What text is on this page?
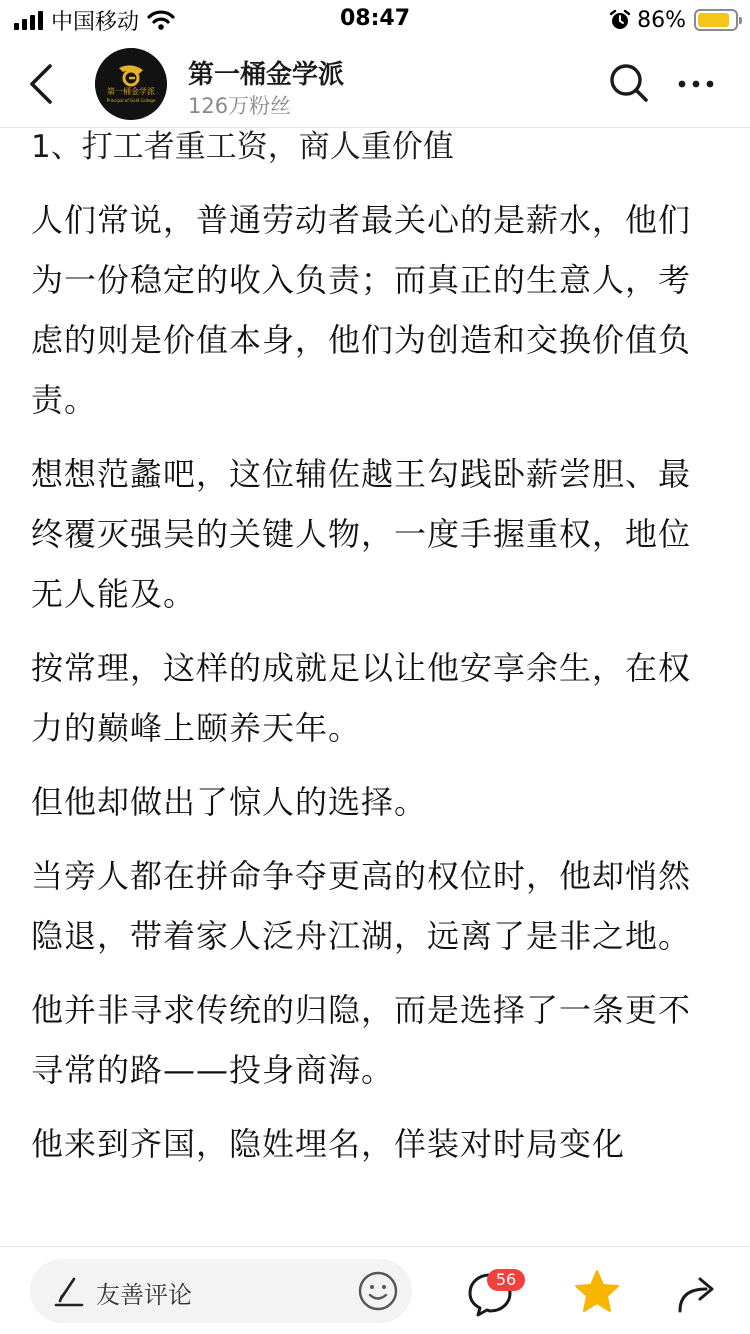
中国移动	08:47	86%
第一桶金学派
Principal of Gold College
第一桶金学派
126万粉丝
1、打工者重工资，商人重价值

人们常说，普通劳动者最关心的是薪水，他们为一份稳定的收入负责；而真正的生意人，考虑的则是价值本身，他们为创造和交换价值负责。

想想范蠡吧，这位辅佐越王勾践卧薪尝胆、最终覆灭强吴的关键人物，一度手握重权，地位无人能及。

按常理，这样的成就足以让他安享余生，在权力的巅峰上颐养天年。

但他却做出了惊人的选择。

当旁人都在拼命争夺更高的权位时，他却悄然隐退，带着家人泛舟江湖，远离了是非之地。

他并非寻求传统的归隐，而是选择了一条更不寻常的路——投身商海。

他来到齐国，隐姓埋名，佯装对时局变化

友善评论
56
